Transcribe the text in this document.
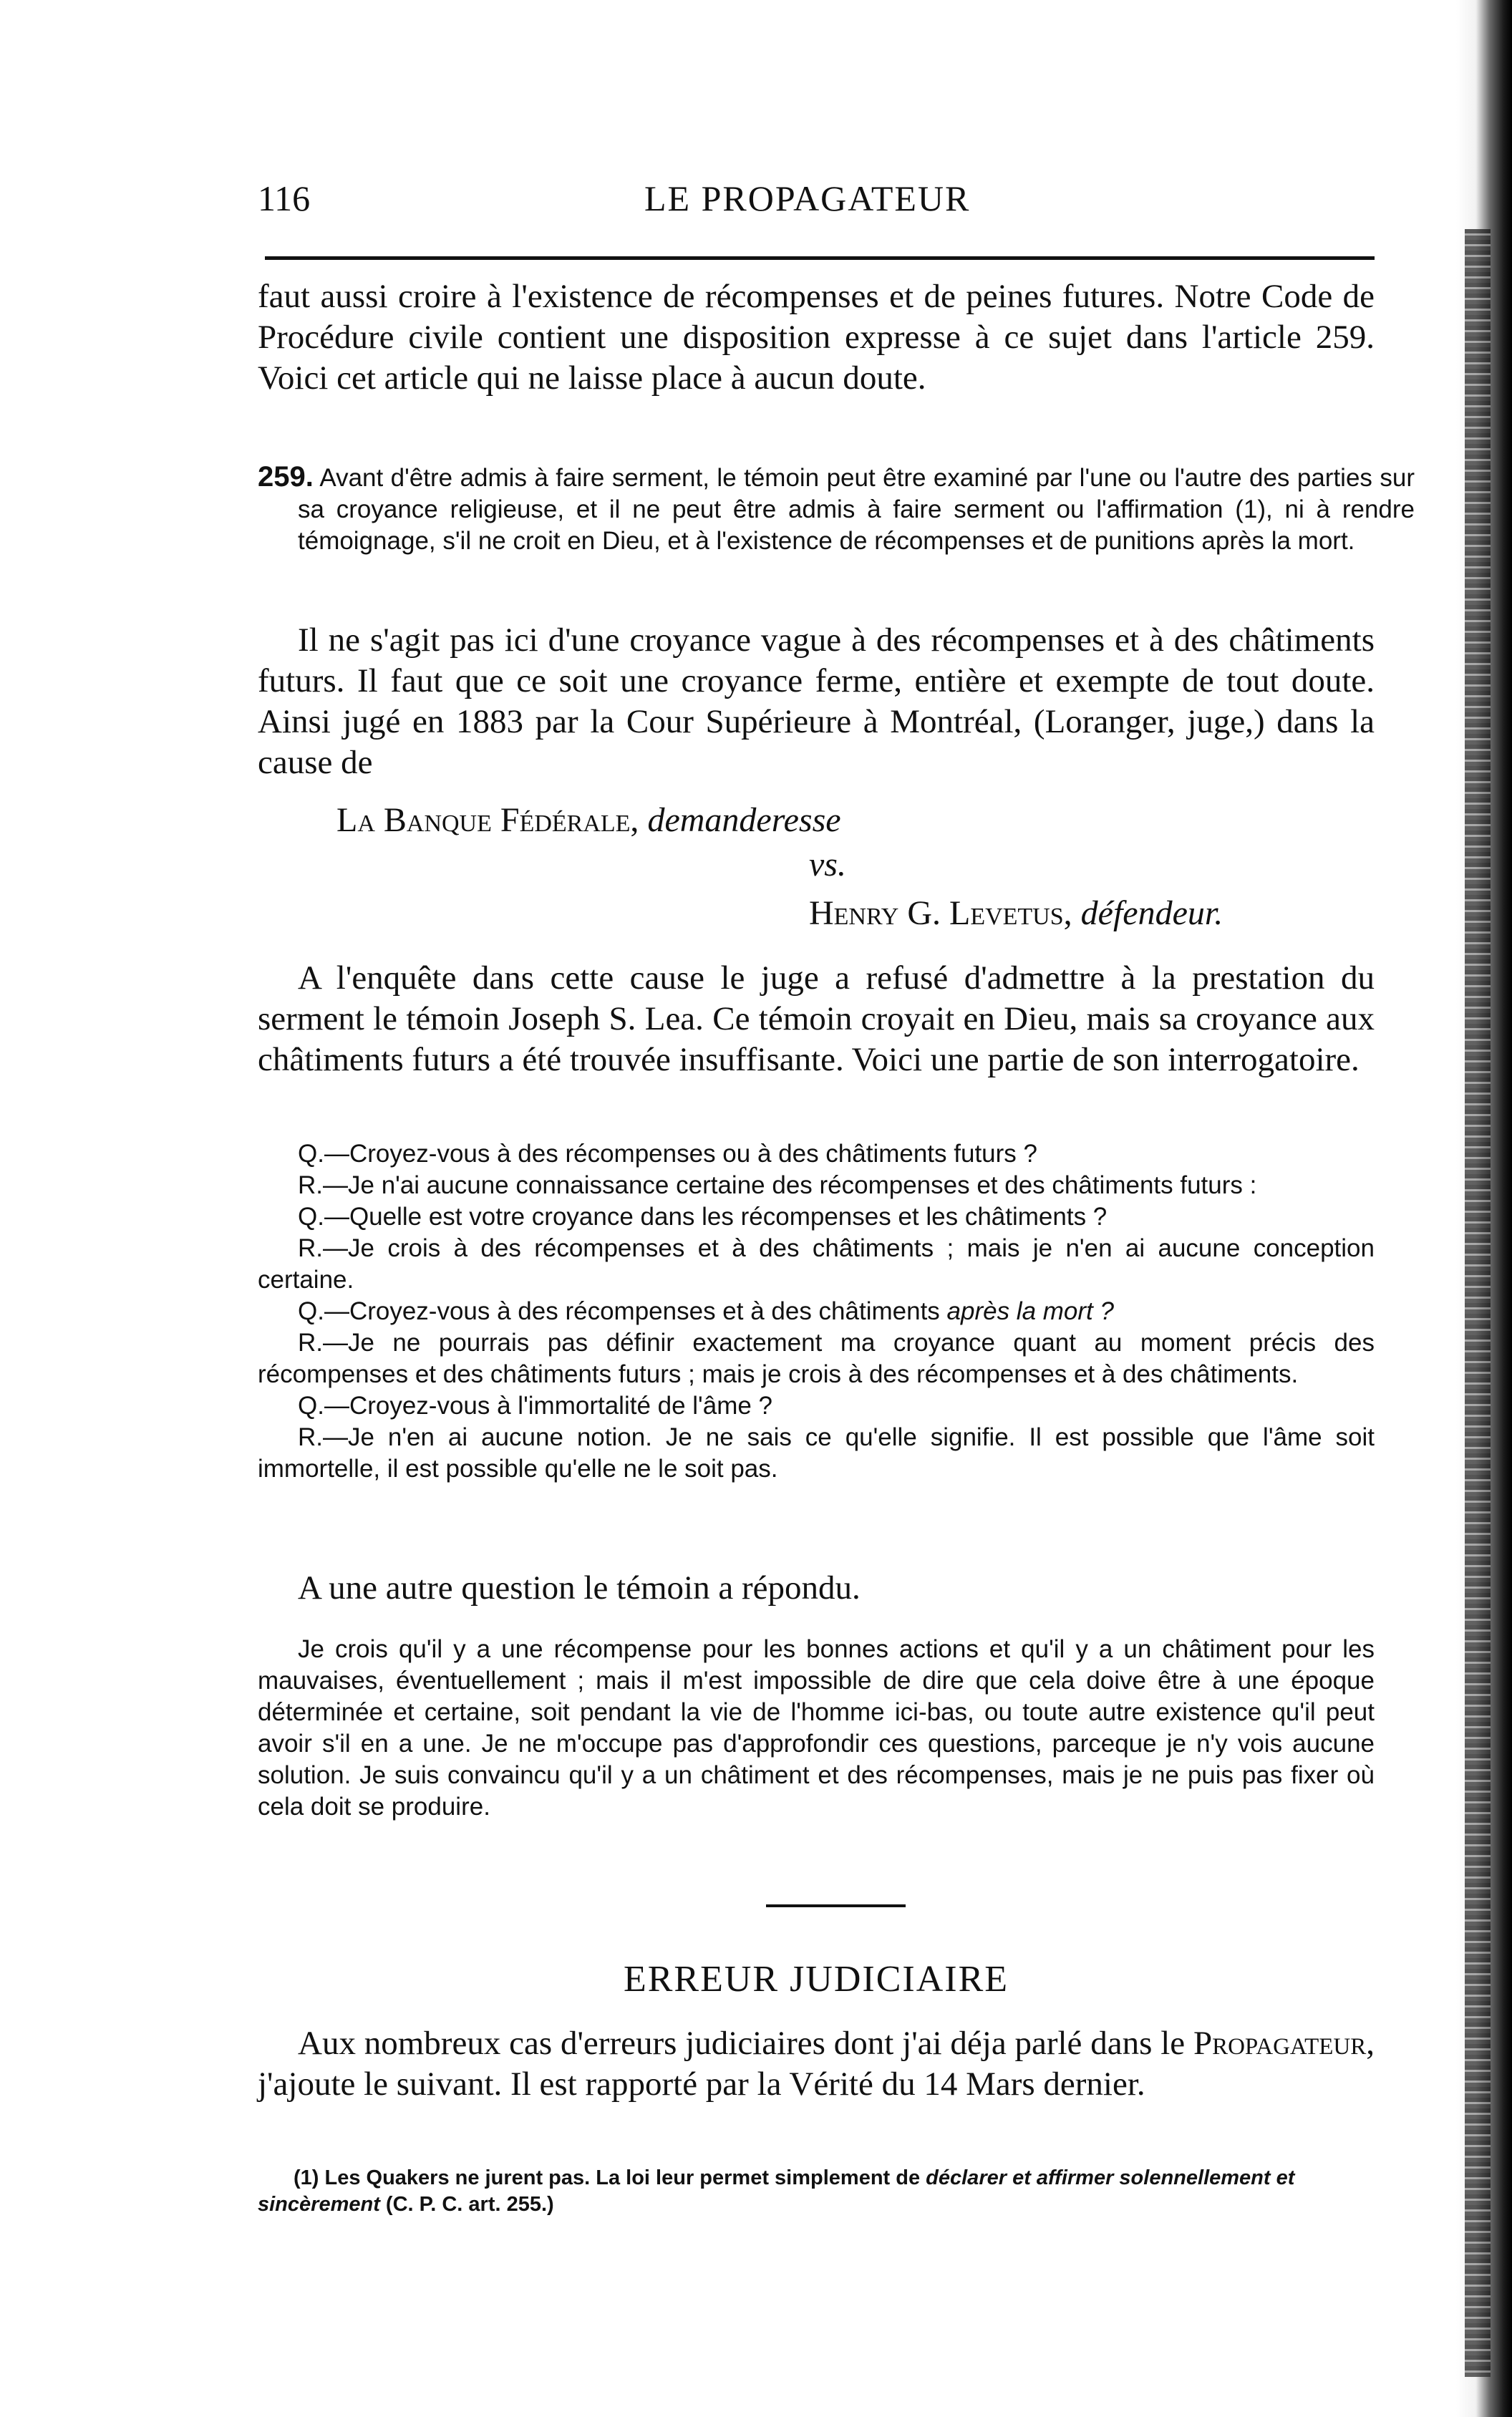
116	LE PROPAGATEUR
faut aussi croire à l'existence de récompenses et de peines futures. Notre Code de Procédure civile contient une disposition expresse à ce sujet dans l'article 259. Voici cet article qui ne laisse place à aucun doute.
259. Avant d'être admis à faire serment, le témoin peut être examiné par l'une ou l'autre des parties sur sa croyance religieuse, et il ne peut être admis à faire serment ou l'affirmation (1), ni à rendre témoignage, s'il ne croit en Dieu, et à l'existence de récompenses et de punitions après la mort.
Il ne s'agit pas ici d'une croyance vague à des récompenses et à des châtiments futurs. Il faut que ce soit une croyance ferme, entière et exempte de tout doute. Ainsi jugé en 1883 par la Cour Supérieure à Montréal, (Loranger, juge,) dans la cause de
La Banque Fédérale, demanderesse
vs.
Henry G. Levetus, défendeur.
A l'enquête dans cette cause le juge a refusé d'admettre à la prestation du serment le témoin Joseph S. Lea. Ce témoin croyait en Dieu, mais sa croyance aux châtiments futurs a été trouvée insuffisante. Voici une partie de son interrogatoire.

Q.—Croyez-vous à des récompenses ou à des châtiments futurs ?

R.—Je n'ai aucune connaissance certaine des récompenses et des châtiments futurs :

Q.—Quelle est votre croyance dans les récompenses et les châtiments ?

R.—Je crois à des récompenses et à des châtiments ; mais je n'en ai aucune conception certaine.

Q.—Croyez-vous à des récompenses et à des châtiments après la mort ?

R.—Je ne pourrais pas définir exactement ma croyance quant au moment précis des récompenses et des châtiments futurs ; mais je crois à des récompenses et à des châtiments.

Q.—Croyez-vous à l'immortalité de l'âme ?

R.—Je n'en ai aucune notion. Je ne sais ce qu'elle signifie. Il est possible que l'âme soit immortelle, il est possible qu'elle ne le soit pas.

A une autre question le témoin a répondu.
Je crois qu'il y a une récompense pour les bonnes actions et qu'il y a un châtiment pour les mauvaises, éventuellement ; mais il m'est impossible de dire que cela doive être à une époque déterminée et certaine, soit pendant la vie de l'homme ici-bas, ou toute autre existence qu'il peut avoir s'il en a une. Je ne m'occupe pas d'approfondir ces questions, parceque je n'y vois aucune solution. Je suis convaincu qu'il y a un châtiment et des récompenses, mais je ne puis pas fixer où cela doit se produire.
ERREUR JUDICIAIRE
Aux nombreux cas d'erreurs judiciaires dont j'ai déja parlé dans le Propagateur, j'ajoute le suivant. Il est rapporté par la Vérité du 14 Mars dernier.
(1) Les Quakers ne jurent pas. La loi leur permet simplement de déclarer et affirmer solennellement et sincèrement (C. P. C. art. 255.)
